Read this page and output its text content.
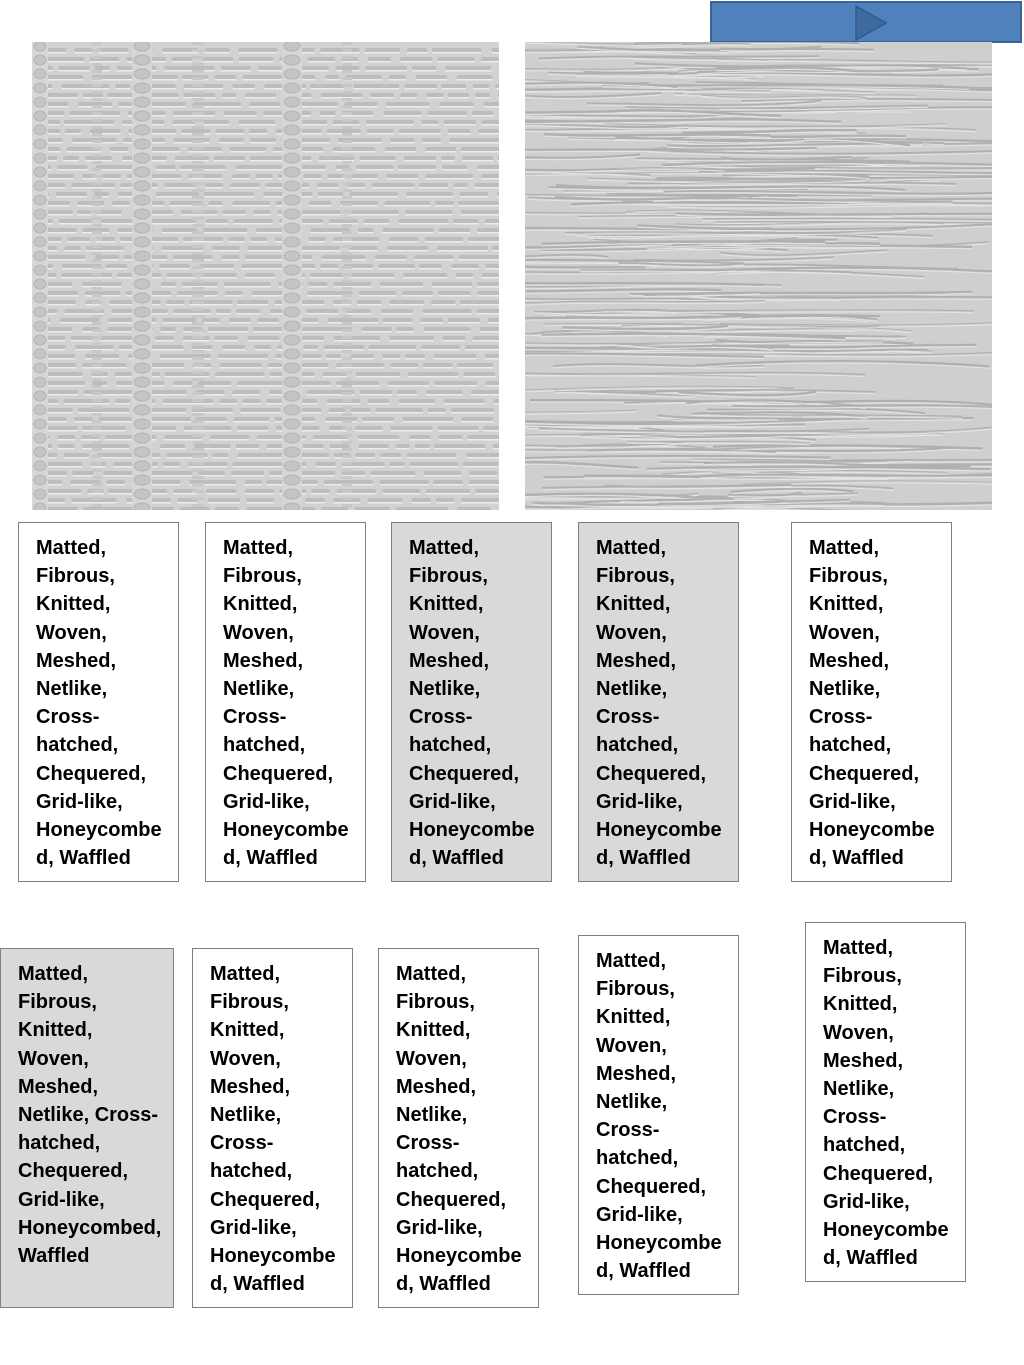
Matted, Fibrous, Knitted, Woven, Meshed, Netlike, Cross-hatched, Chequered, Grid-like, Honeycombed, Waffled
Matted, Fibrous, Knitted, Woven, Meshed, Netlike, Cross-hatched, Chequered, Grid-like, Honeycombed, Waffled
Matted, Fibrous, Knitted, Woven, Meshed, Netlike, Cross-hatched, Chequered, Grid-like, Honeycombed, Waffled
Matted, Fibrous, Knitted, Woven, Meshed, Netlike, Cross-hatched, Chequered, Grid-like, Honeycombed, Waffled
Matted, Fibrous, Knitted, Woven, Meshed, Netlike, Cross-hatched, Chequered, Grid-like, Honeycombed, Waffled
Matted, Fibrous, Knitted, Woven, Meshed, Netlike, Cross-hatched, Chequered, Grid-like, Honeycombed, Waffled
Matted, Fibrous, Knitted, Woven, Meshed, Netlike, Cross-hatched, Chequered, Grid-like, Honeycombed, Waffled
Matted, Fibrous, Knitted, Woven, Meshed, Netlike, Cross-hatched, Chequered, Grid-like, Honeycombed, Waffled
Matted, Fibrous, Knitted, Woven, Meshed, Netlike, Cross-hatched, Chequered, Grid-like, Honeycombed, Waffled
Matted, Fibrous, Knitted, Woven, Meshed, Netlike, Cross-hatched, Chequered, Grid-like, Honeycombed, Waffled
